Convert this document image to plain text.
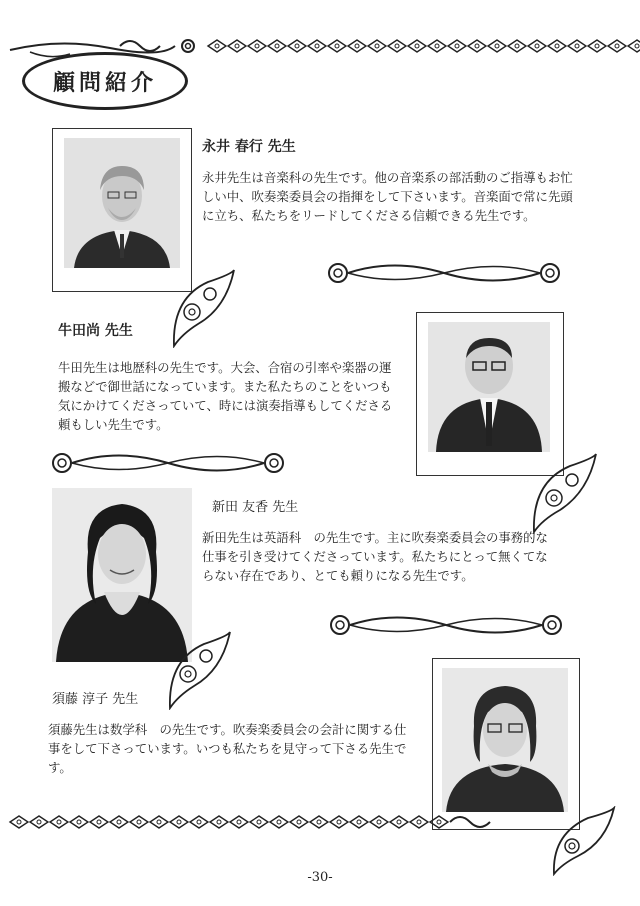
顧問紹介
永井 春行 先生
永井先生は音楽科の先生です。他の音楽系の部活動のご指導もお忙しい中、吹奏楽委員会の指揮をして下さいます。音楽面で常に先頭に立ち、私たちをリードしてくださる信頼できる先生です。
牛田尚 先生
牛田先生は地歴科の先生です。大会、合宿の引率や楽器の運搬などで御世話になっています。また私たちのことをいつも気にかけてくださっていて、時には演奏指導もしてくださる頼もしい先生です。
新田 友香 先生
新田先生は英語科　の先生です。主に吹奏楽委員会の事務的な仕事を引き受けてくださっています。私たちにとって無くてならない存在であり、とても頼りになる先生です。
須藤 淳子 先生
須藤先生は数学科　の先生です。吹奏楽委員会の会計に関する仕事をして下さっています。いつも私たちを見守って下さる先生です。
-30-
